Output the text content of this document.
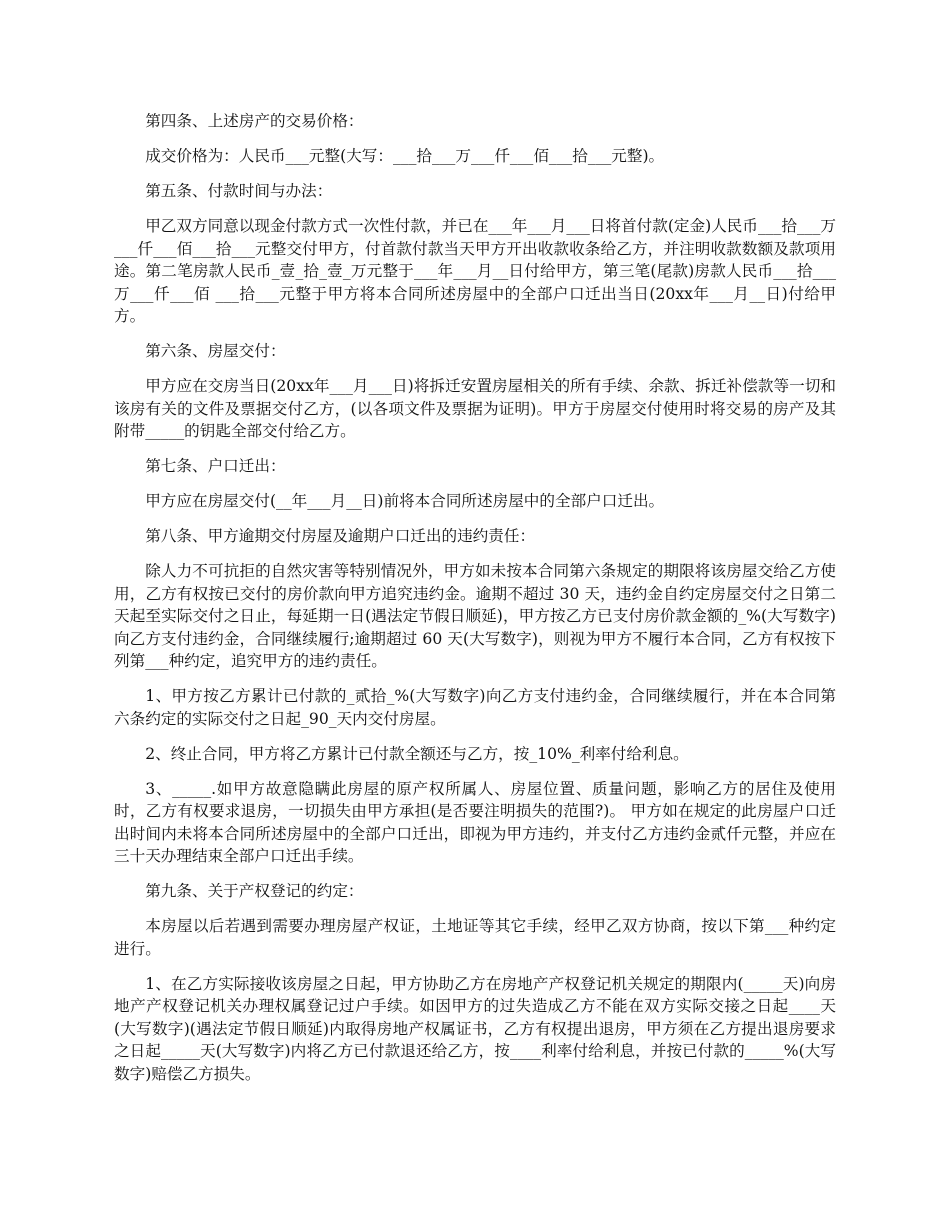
第四条、上述房产的交易价格：

成交价格为：人民币___元整(大写：___拾___万___仟___佰___拾___元整)。

第五条、付款时间与办法：

甲乙双方同意以现金付款方式一次性付款，并已在___年___月___日将首付款(定金)人民币___拾___万___仟___佰___拾___元整交付甲方，付首款付款当天甲方开出收款收条给乙方，并注明收款数额及款项用途。第二笔房款人民币_壹_拾_壹_万元整于___年___月__日付给甲方，第三笔(尾款)房款人民币___拾___万___仟___佰 ___拾___元整于甲方将本合同所述房屋中的全部户口迁出当日(20xx年___月__日)付给甲方。

第六条、房屋交付：

甲方应在交房当日(20xx年___月___日)将拆迁安置房屋相关的所有手续、余款、拆迁补偿款等一切和该房有关的文件及票据交付乙方，(以各项文件及票据为证明)。甲方于房屋交付使用时将交易的房产及其附带_____的钥匙全部交付给乙方。

第七条、户口迁出：

甲方应在房屋交付(__年___月__日)前将本合同所述房屋中的全部户口迁出。

第八条、甲方逾期交付房屋及逾期户口迁出的违约责任：

除人力不可抗拒的自然灾害等特别情况外，甲方如未按本合同第六条规定的期限将该房屋交给乙方使用，乙方有权按已交付的房价款向甲方追究违约金。逾期不超过 30 天，违约金自约定房屋交付之日第二天起至实际交付之日止，每延期一日(遇法定节假日顺延)，甲方按乙方已支付房价款金额的_%(大写数字)向乙方支付违约金，合同继续履行;逾期超过 60 天(大写数字)，则视为甲方不履行本合同，乙方有权按下列第___种约定，追究甲方的违约责任。

1、甲方按乙方累计已付款的_贰拾_%(大写数字)向乙方支付违约金，合同继续履行，并在本合同第六条约定的实际交付之日起_90_天内交付房屋。

2、终止合同，甲方将乙方累计已付款全额还与乙方，按_10%_利率付给利息。

3、_____.如甲方故意隐瞒此房屋的原产权所属人、房屋位置、质量问题，影响乙方的居住及使用时，乙方有权要求退房，一切损失由甲方承担(是否要注明损失的范围?)。 甲方如在规定的此房屋户口迁出时间内未将本合同所述房屋中的全部户口迁出，即视为甲方违约，并支付乙方违约金贰仟元整，并应在三十天办理结束全部户口迁出手续。

第九条、关于产权登记的约定：

本房屋以后若遇到需要办理房屋产权证，土地证等其它手续，经甲乙双方协商，按以下第___种约定进行。

1、在乙方实际接收该房屋之日起，甲方协助乙方在房地产产权登记机关规定的期限内(_____天)向房地产产权登记机关办理权属登记过户手续。如因甲方的过失造成乙方不能在双方实际交接之日起____天(大写数字)(遇法定节假日顺延)内取得房地产权属证书，乙方有权提出退房，甲方须在乙方提出退房要求之日起_____天(大写数字)内将乙方已付款退还给乙方，按____利率付给利息，并按已付款的_____%(大写数字)赔偿乙方损失。
